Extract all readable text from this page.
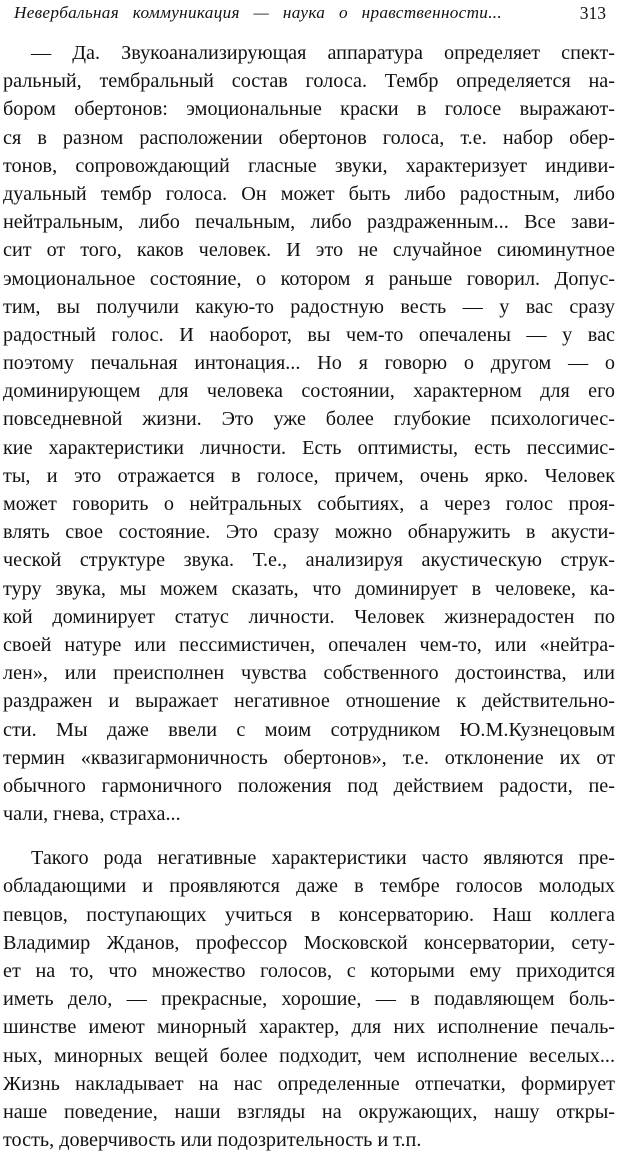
Невербальная   коммуникация   —   наука   о   нравственности...	313
— Да. Звукоанализирующая аппаратура определяет спект-
ральный, тембральный состав голоса. Тембр определяется на-
бором обертонов: эмоциональные краски в голосе выражают-
ся в разном расположении обертонов голоса, т.е. набор обер-
тонов, сопровождающий гласные звуки, характеризует индиви-
дуальный тембр голоса. Он может быть либо радостным, либо
нейтральным, либо печальным, либо раздраженным... Все зави-
сит от того, каков человек. И это не случайное сиюминутное
эмоциональное состояние, о котором я раньше говорил. Допус-
тим, вы получили какую-то радостную весть — у вас сразу
радостный голос. И наоборот, вы чем-то опечалены — у вас
поэтому печальная интонация... Но я говорю о другом — о
доминирующем для человека состоянии, характерном для его
повседневной жизни. Это уже более глубокие психологичес-
кие характеристики личности. Есть оптимисты, есть пессимис-
ты, и это отражается в голосе, причем, очень ярко. Человек
может говорить о нейтральных событиях, а через голос проя-
влять свое состояние. Это сразу можно обнаружить в акусти-
ческой структуре звука. Т.е., анализируя акустическую струк-
туру звука, мы можем сказать, что доминирует в человеке, ка-
кой доминирует статус личности. Человек жизнерадостен по
своей натуре или пессимистичен, опечален чем-то, или «нейтра-
лен», или преисполнен чувства собственного достоинства, или
раздражен и выражает негативное отношение к действительно-
сти. Мы даже ввели с моим сотрудником Ю.М.Кузнецовым
термин «квазигармоничность обертонов», т.е. отклонение их от
обычного гармоничного положения под действием радости, пе-
чали, гнева, страха...
Такого рода негативные характеристики часто являются пре-
обладающими и проявляются даже в тембре голосов молодых
певцов, поступающих учиться в консерваторию. Наш коллега
Владимир Жданов, профессор Московской консерватории, сету-
ет на то, что множество голосов, с которыми ему приходится
иметь дело, — прекрасные, хорошие, — в подавляющем боль-
шинстве имеют минорный характер, для них исполнение печаль-
ных, минорных вещей более подходит, чем исполнение веселых...
Жизнь накладывает на нас определенные отпечатки, формирует
наше поведение, наши взгляды на окружающих, нашу откры-
тость, доверчивость или подозрительность и т.п.
